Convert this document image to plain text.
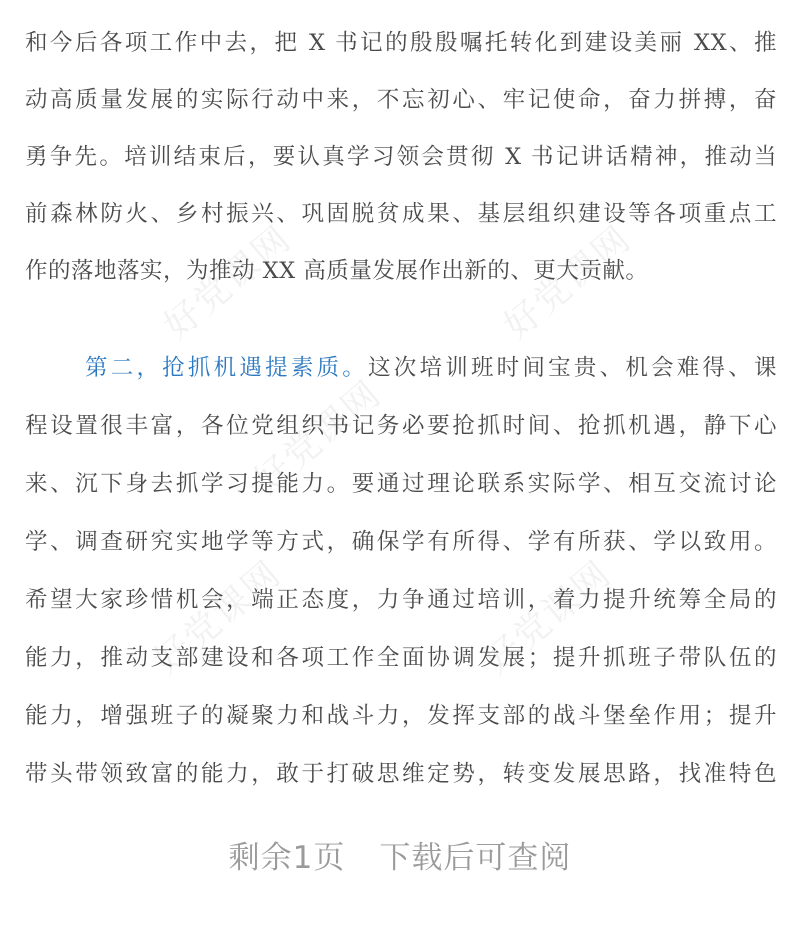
好党课网	好党课网
好党课网
好党课网	好党课网
和今后各项工作中去，把 X 书记的殷殷嘱托转化到建设美丽 XX、推
动高质量发展的实际行动中来，不忘初心、牢记使命，奋力拼搏，奋
勇争先。培训结束后，要认真学习领会贯彻 X 书记讲话精神，推动当
前森林防火、乡村振兴、巩固脱贫成果、基层组织建设等各项重点工
作的落地落实，为推动 XX 高质量发展作出新的、更大贡献。
第二，抢抓机遇提素质。这次培训班时间宝贵、机会难得、课
程设置很丰富，各位党组织书记务必要抢抓时间、抢抓机遇，静下心
来、沉下身去抓学习提能力。要通过理论联系实际学、相互交流讨论
学、调查研究实地学等方式，确保学有所得、学有所获、学以致用。
希望大家珍惜机会，端正态度，力争通过培训，着力提升统筹全局的
能力，推动支部建设和各项工作全面协调发展；提升抓班子带队伍的
能力，增强班子的凝聚力和战斗力，发挥支部的战斗堡垒作用；提升
带头带领致富的能力，敢于打破思维定势，转变发展思路，找准特色
剩余1页 下载后可查阅
